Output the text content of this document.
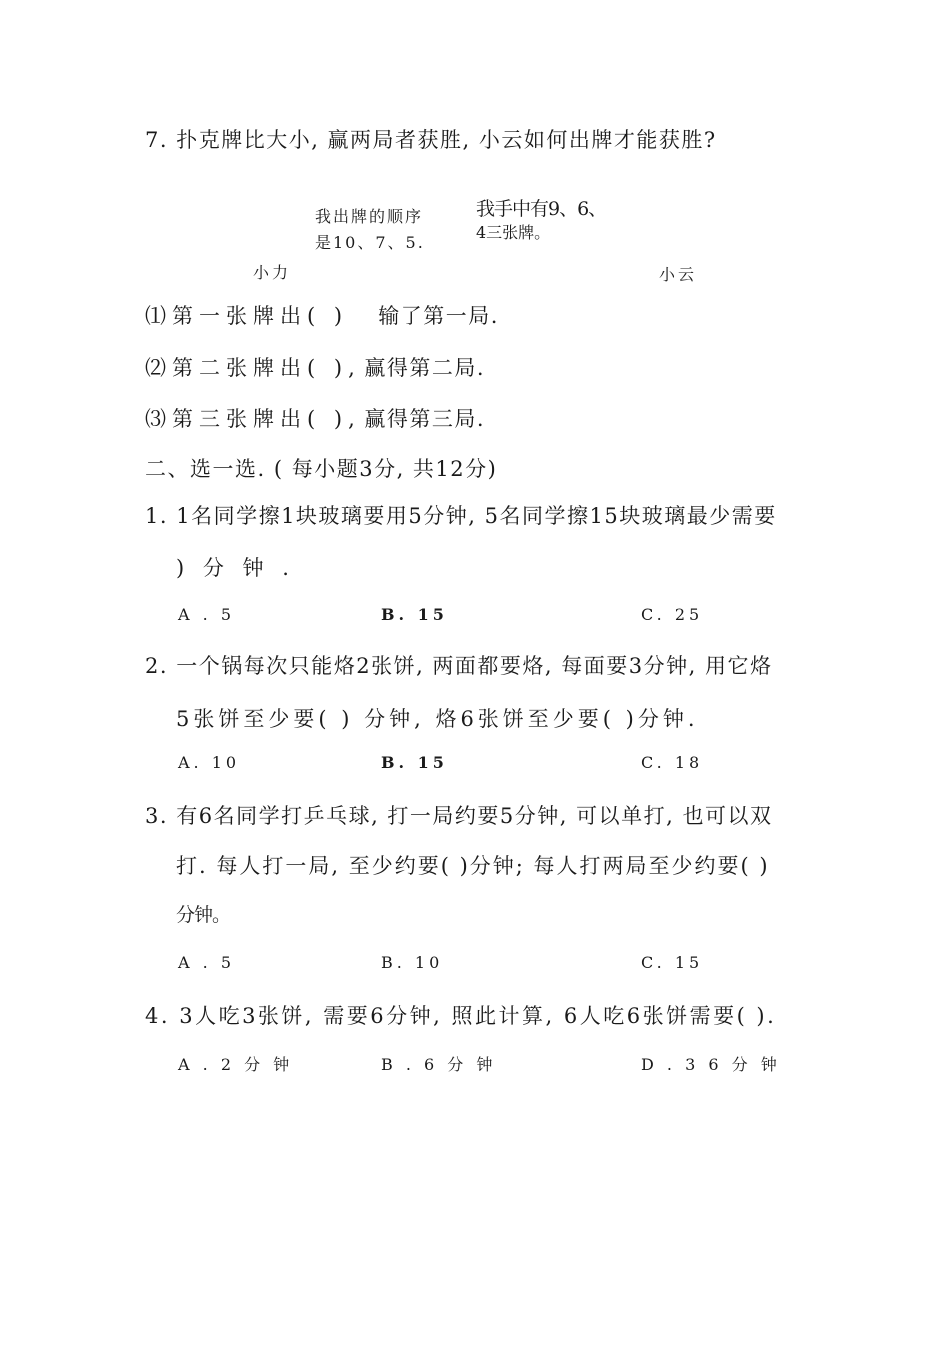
7. 扑克牌比大小, 赢两局者获胜, 小云如何出牌才能获胜?
我出牌的顺序
是10、7、5.
我手中有9、6、
4三张牌。
小力	小云
⑴第一张牌出( ) 输了第一局.
⑵第二张牌出( ), 赢得第二局.
⑶第三张牌出( ), 赢得第三局.
二、选一选. ( 每小题3分, 共12分)
1. 1名同学擦1块玻璃要用5分钟, 5名同学擦15块玻璃最少需要
) 分 钟 .
A . 5	B. 15	C. 25
2. 一个锅每次只能烙2张饼, 两面都要烙, 每面要3分钟, 用它烙
5张饼至少要( ) 分钟, 烙6张饼至少要( )分钟.
A. 10	B. 15	C. 18
3. 有6名同学打乒乓球, 打一局约要5分钟, 可以单打, 也可以双
打. 每人打一局, 至少约要( )分钟; 每人打两局至少约要( )
分钟。
A . 5	B. 10	C. 15
4. 3人吃3张饼, 需要6分钟, 照此计算, 6人吃6张饼需要( ).
A . 2 分 钟	B . 6 分 钟	D . 3 6 分 钟
